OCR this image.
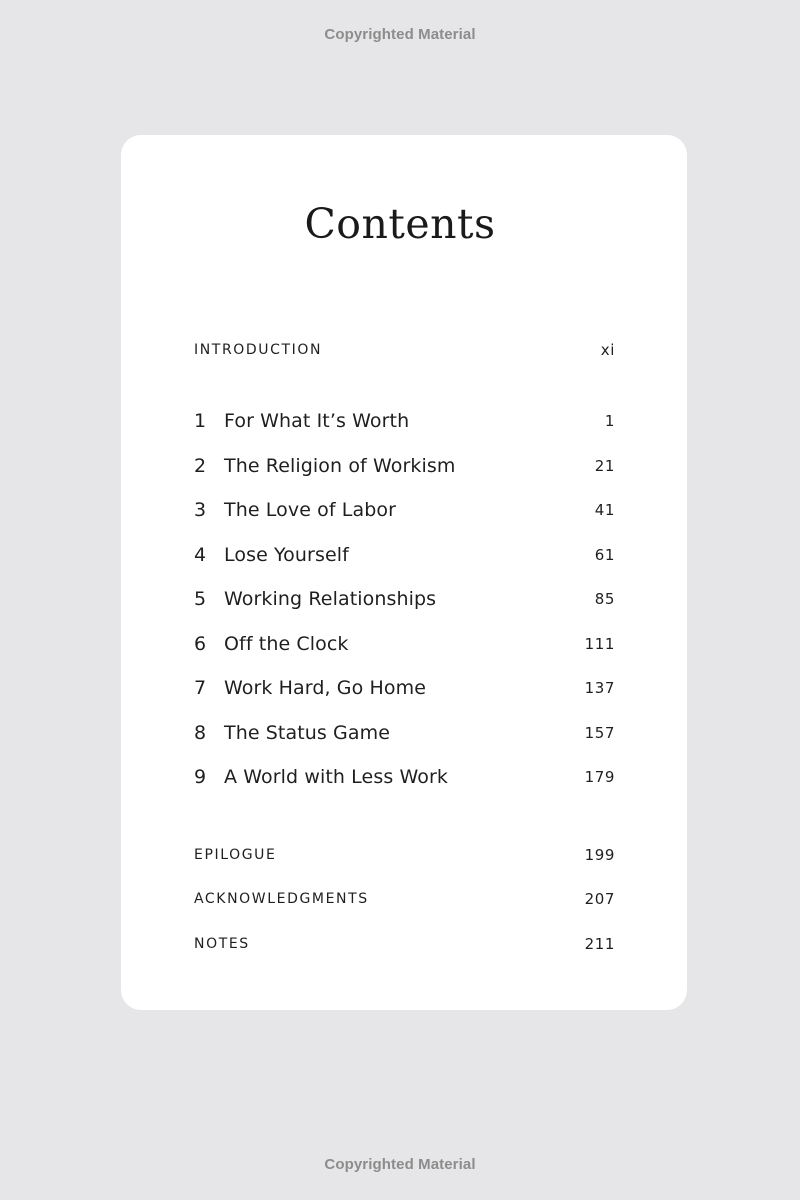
Copyrighted Material
Contents
INTRODUCTION	xi
1 For What It’s Worth	1
2 The Religion of Workism	21
3 The Love of Labor	41
4 Lose Yourself	61
5 Working Relationships	85
6 Off the Clock	111
7 Work Hard, Go Home	137
8 The Status Game	157
9 A World with Less Work	179
EPILOGUE	199
ACKNOWLEDGMENTS	207
NOTES	211
Copyrighted Material
